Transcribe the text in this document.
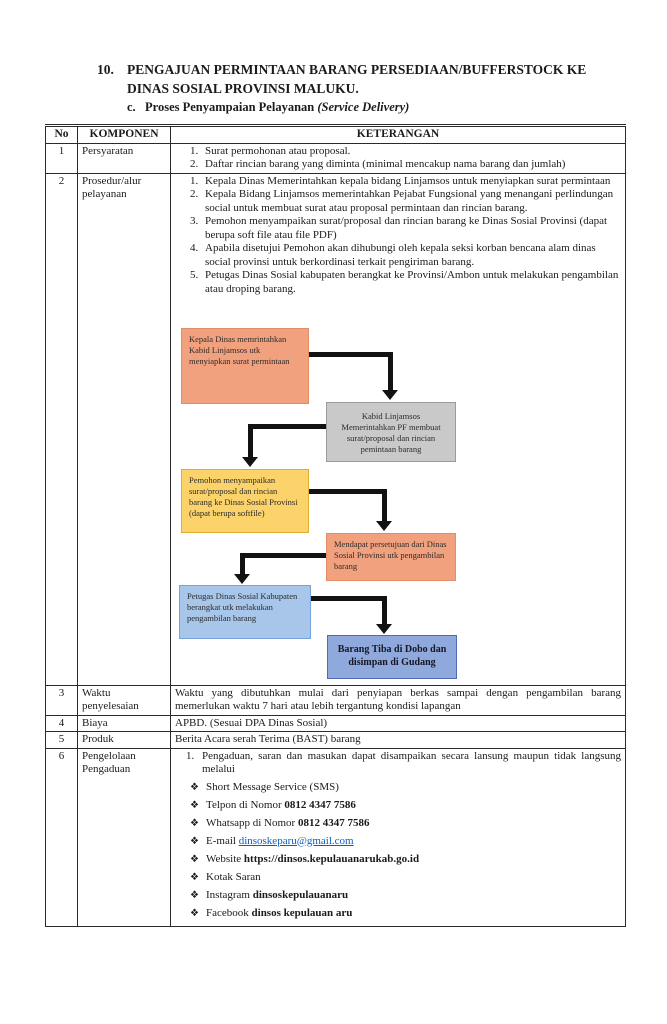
10. PENGAJUAN PERMINTAAN BARANG PERSEDIAAN/BUFFERSTOCK KE
DINAS SOSIAL PROVINSI MALUKU.
c. Proses Penyampaian Pelayanan (Service Delivery)
No	KOMPONEN	KETERANGAN
1	Persyaratan	
1.Surat permohonan atau proposal.
2. Daftar rincian barang yang diminta (minimal mencakup nama barang dan jumlah)

2	Prosedur/alur pelayanan	
1. Kepala Dinas Memerintahkan kepala bidang Linjamsos untuk menyiapkan surat permintaan
2. Kepala Bidang Linjamsos memerintahkan Pejabat Fungsional yang menangani perlindungan social untuk membuat surat atau proposal permintaan dan rincian barang.
3. Pemohon menyampaikan surat/proposal dan rincian barang ke Dinas Sosial Provinsi (dapat berupa soft file atau file PDF)
4. Apabila disetujui Pemohon akan dihubungi oleh kepala seksi korban bencana alam dinas social provinsi untuk berkordinasi terkait pengiriman barang.
5. Petugas Dinas Sosial kabupaten berangkat ke Provinsi/Ambon untuk melakukan pengambilan atau droping barang.
Kepala Dinas memrintahkan Kabid Linjamsos utk menyiapkan surat permintaan
Kabid Linjamsos Memerintahkan PF membuat surat/proposal dan rincian pemintaan barang
Pemohon menyampaikan surat/proposal dan rincian barang ke Dinas Sosial Provinsi (dapat berupa softfile)
Mendapat persetujuan dari Dinas Sosial Provinsi utk pengambilan barang
Petugas Dinas Sosial Kabupaten berangkat utk melakukan pengambilan barang
Barang Tiba di Dobo dan disimpan di Gudang

3	Waktu penyelesaian	Waktu yang dibutuhkan mulai dari penyiapan berkas sampai dengan pengambilan barang memerlukan waktu 7 hari atau lebih tergantung kondisi lapangan
4	Biaya	APBD. (Sesuai DPA Dinas Sosial)
5	Produk	Berita Acara serah Terima (BAST) barang
6	Pengelolaan Pengaduan	
1. Pengaduan, saran dan masukan dapat disampaikan secara lansung maupun tidak langsung melalui
❖ Short Message Service (SMS)
❖ Telpon di Nomor 0812 4347 7586
❖ Whatsapp di Nomor 0812 4347 7586
❖ E-mail dinsoskeparu@gmail.com
❖ Website https://dinsos.kepulauanarukab.go.id
❖ Kotak Saran
❖ Instagram dinsoskepulauanaru
❖ Facebook dinsos kepulauan aru
